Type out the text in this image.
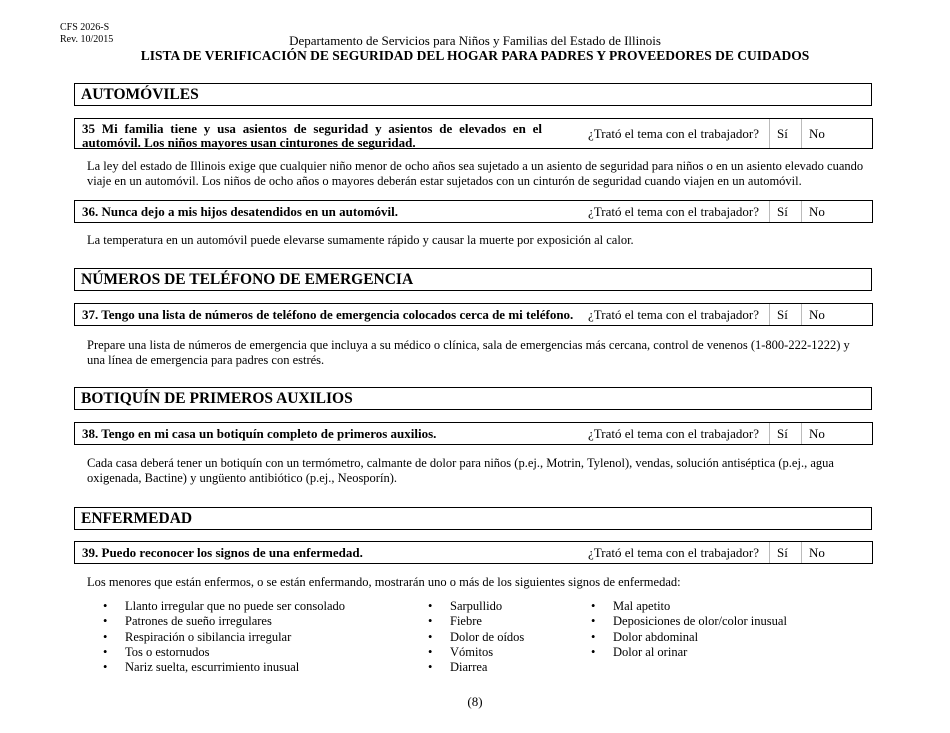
CFS 2026-S
Rev. 10/2015	Departamento de Servicios para Niños y Familias del Estado de Illinois
LISTA DE VERIFICACIÓN DE SEGURIDAD DEL HOGAR PARA PADRES Y PROVEEDORES DE CUIDADOS
AUTOMÓVILES
35 Mi familia tiene y usa asientos de seguridad y asientos de elevados en el automóvil. Los niños mayores usan cinturones de seguridad.
¿Trató el tema con el trabajador? Sí No
La ley del estado de Illinois exige que cualquier niño menor de ocho años sea sujetado a un asiento de seguridad para niños o en un asiento elevado cuando viaje en un automóvil. Los niños de ocho años o mayores deberán estar sujetados con un cinturón de seguridad cuando viajen en un automóvil.
36. Nunca dejo a mis hijos desatendidos en un automóvil.	¿Trató el tema con el trabajador? Sí No
La temperatura en un automóvil puede elevarse sumamente rápido y causar la muerte por exposición al calor.
NÚMEROS DE TELÉFONO DE EMERGENCIA
37. Tengo una lista de números de teléfono de emergencia colocados cerca de mi teléfono.	¿Trató el tema con el trabajador? Sí No
Prepare una lista de números de emergencia que incluya a su médico o clínica, sala de emergencias más cercana, control de venenos (1-800-222-1222) y una línea de emergencia para padres con estrés.
BOTIQUÍN DE PRIMEROS AUXILIOS
38. Tengo en mi casa un botiquín completo de primeros auxilios.	¿Trató el tema con el trabajador? Sí No
Cada casa deberá tener un botiquín con un termómetro, calmante de dolor para niños (p.ej., Motrin, Tylenol), vendas, solución antiséptica (p.ej., agua oxigenada, Bactine) y ungüento antibiótico (p.ej., Neosporín).
ENFERMEDAD
39. Puedo reconocer los signos de una enfermedad.	¿Trató el tema con el trabajador? Sí No
Los menores que están enfermos, o se están enfermando, mostrarán uno o más de los siguientes signos de enfermedad:
• Llanto irregular que no puede ser consolado
• Patrones de sueño irregulares
• Respiración o sibilancia irregular
• Tos o estornudos
• Nariz suelta, escurrimiento inusual
• Sarpullido
• Fiebre
• Dolor de oídos
• Vómitos
• Diarrea
• Mal apetito
• Deposiciones de olor/color inusual
• Dolor abdominal
• Dolor al orinar
(8)
